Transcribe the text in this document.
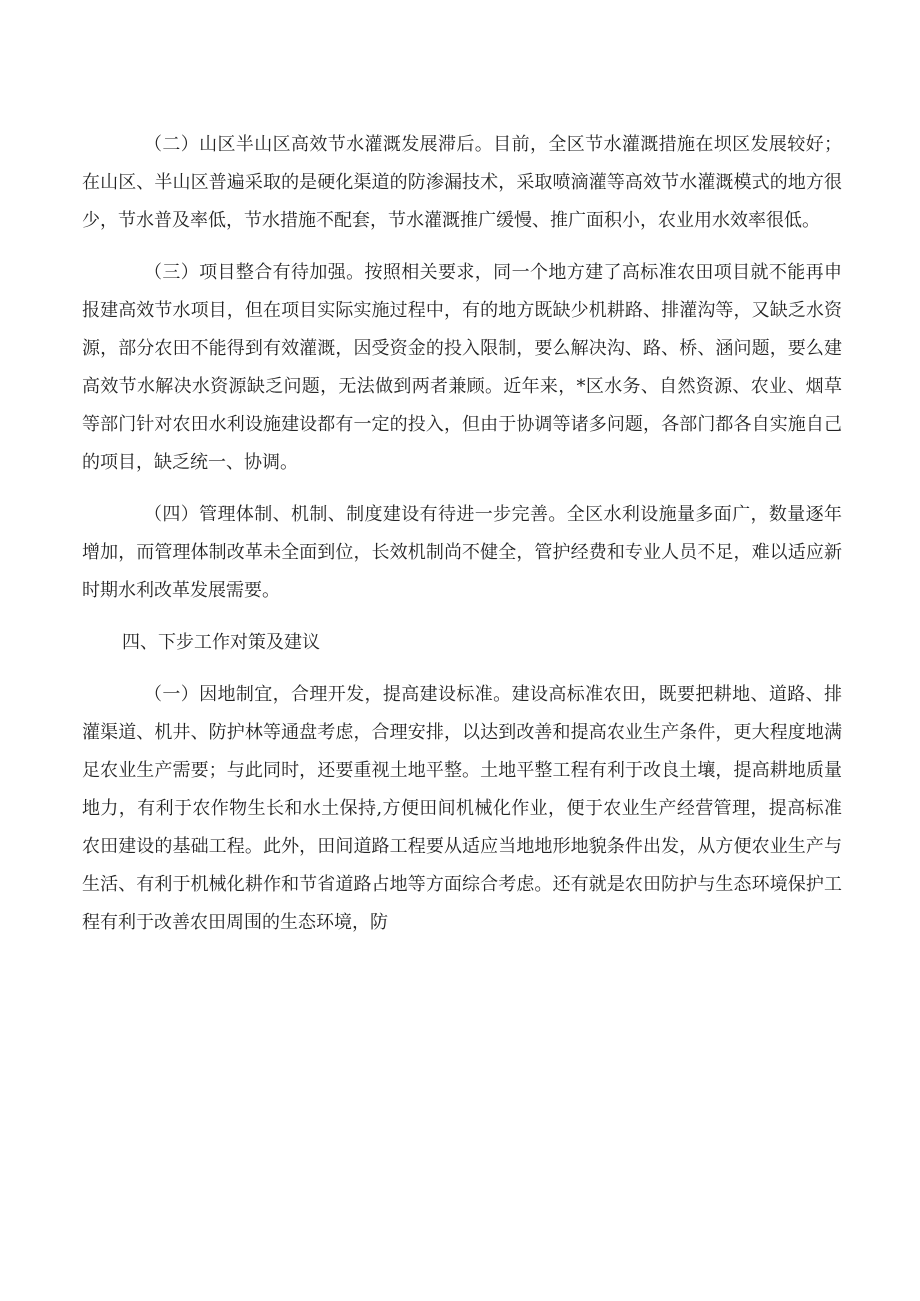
（二）山区半山区高效节水灌溉发展滞后。目前，全区节水灌溉措施在坝区发展较好；在山区、半山区普遍采取的是硬化渠道的防渗漏技术，采取喷滴灌等高效节水灌溉模式的地方很少，节水普及率低，节水措施不配套，节水灌溉推广缓慢、推广面积小，农业用水效率很低。

（三）项目整合有待加强。按照相关要求，同一个地方建了高标准农田项目就不能再申报建高效节水项目，但在项目实际实施过程中，有的地方既缺少机耕路、排灌沟等，又缺乏水资源，部分农田不能得到有效灌溉，因受资金的投入限制，要么解决沟、路、桥、涵问题，要么建高效节水解决水资源缺乏问题，无法做到两者兼顾。近年来，*区水务、自然资源、农业、烟草等部门针对农田水利设施建设都有一定的投入，但由于协调等诸多问题，各部门都各自实施自己的项目，缺乏统一、协调。

（四）管理体制、机制、制度建设有待进一步完善。全区水利设施量多面广，数量逐年增加，而管理体制改革未全面到位，长效机制尚不健全，管护经费和专业人员不足，难以适应新时期水利改革发展需要。

四、下步工作对策及建议

（一）因地制宜，合理开发，提高建设标准。建设高标准农田，既要把耕地、道路、排灌渠道、机井、防护林等通盘考虑，合理安排，以达到改善和提高农业生产条件，更大程度地满足农业生产需要；与此同时，还要重视土地平整。土地平整工程有利于改良土壤，提高耕地质量地力，有利于农作物生长和水土保持,方便田间机械化作业，便于农业生产经营管理，提高标准农田建设的基础工程。此外，田间道路工程要从适应当地地形地貌条件出发，从方便农业生产与生活、有利于机械化耕作和节省道路占地等方面综合考虑。还有就是农田防护与生态环境保护工程有利于改善农田周围的生态环境，防
